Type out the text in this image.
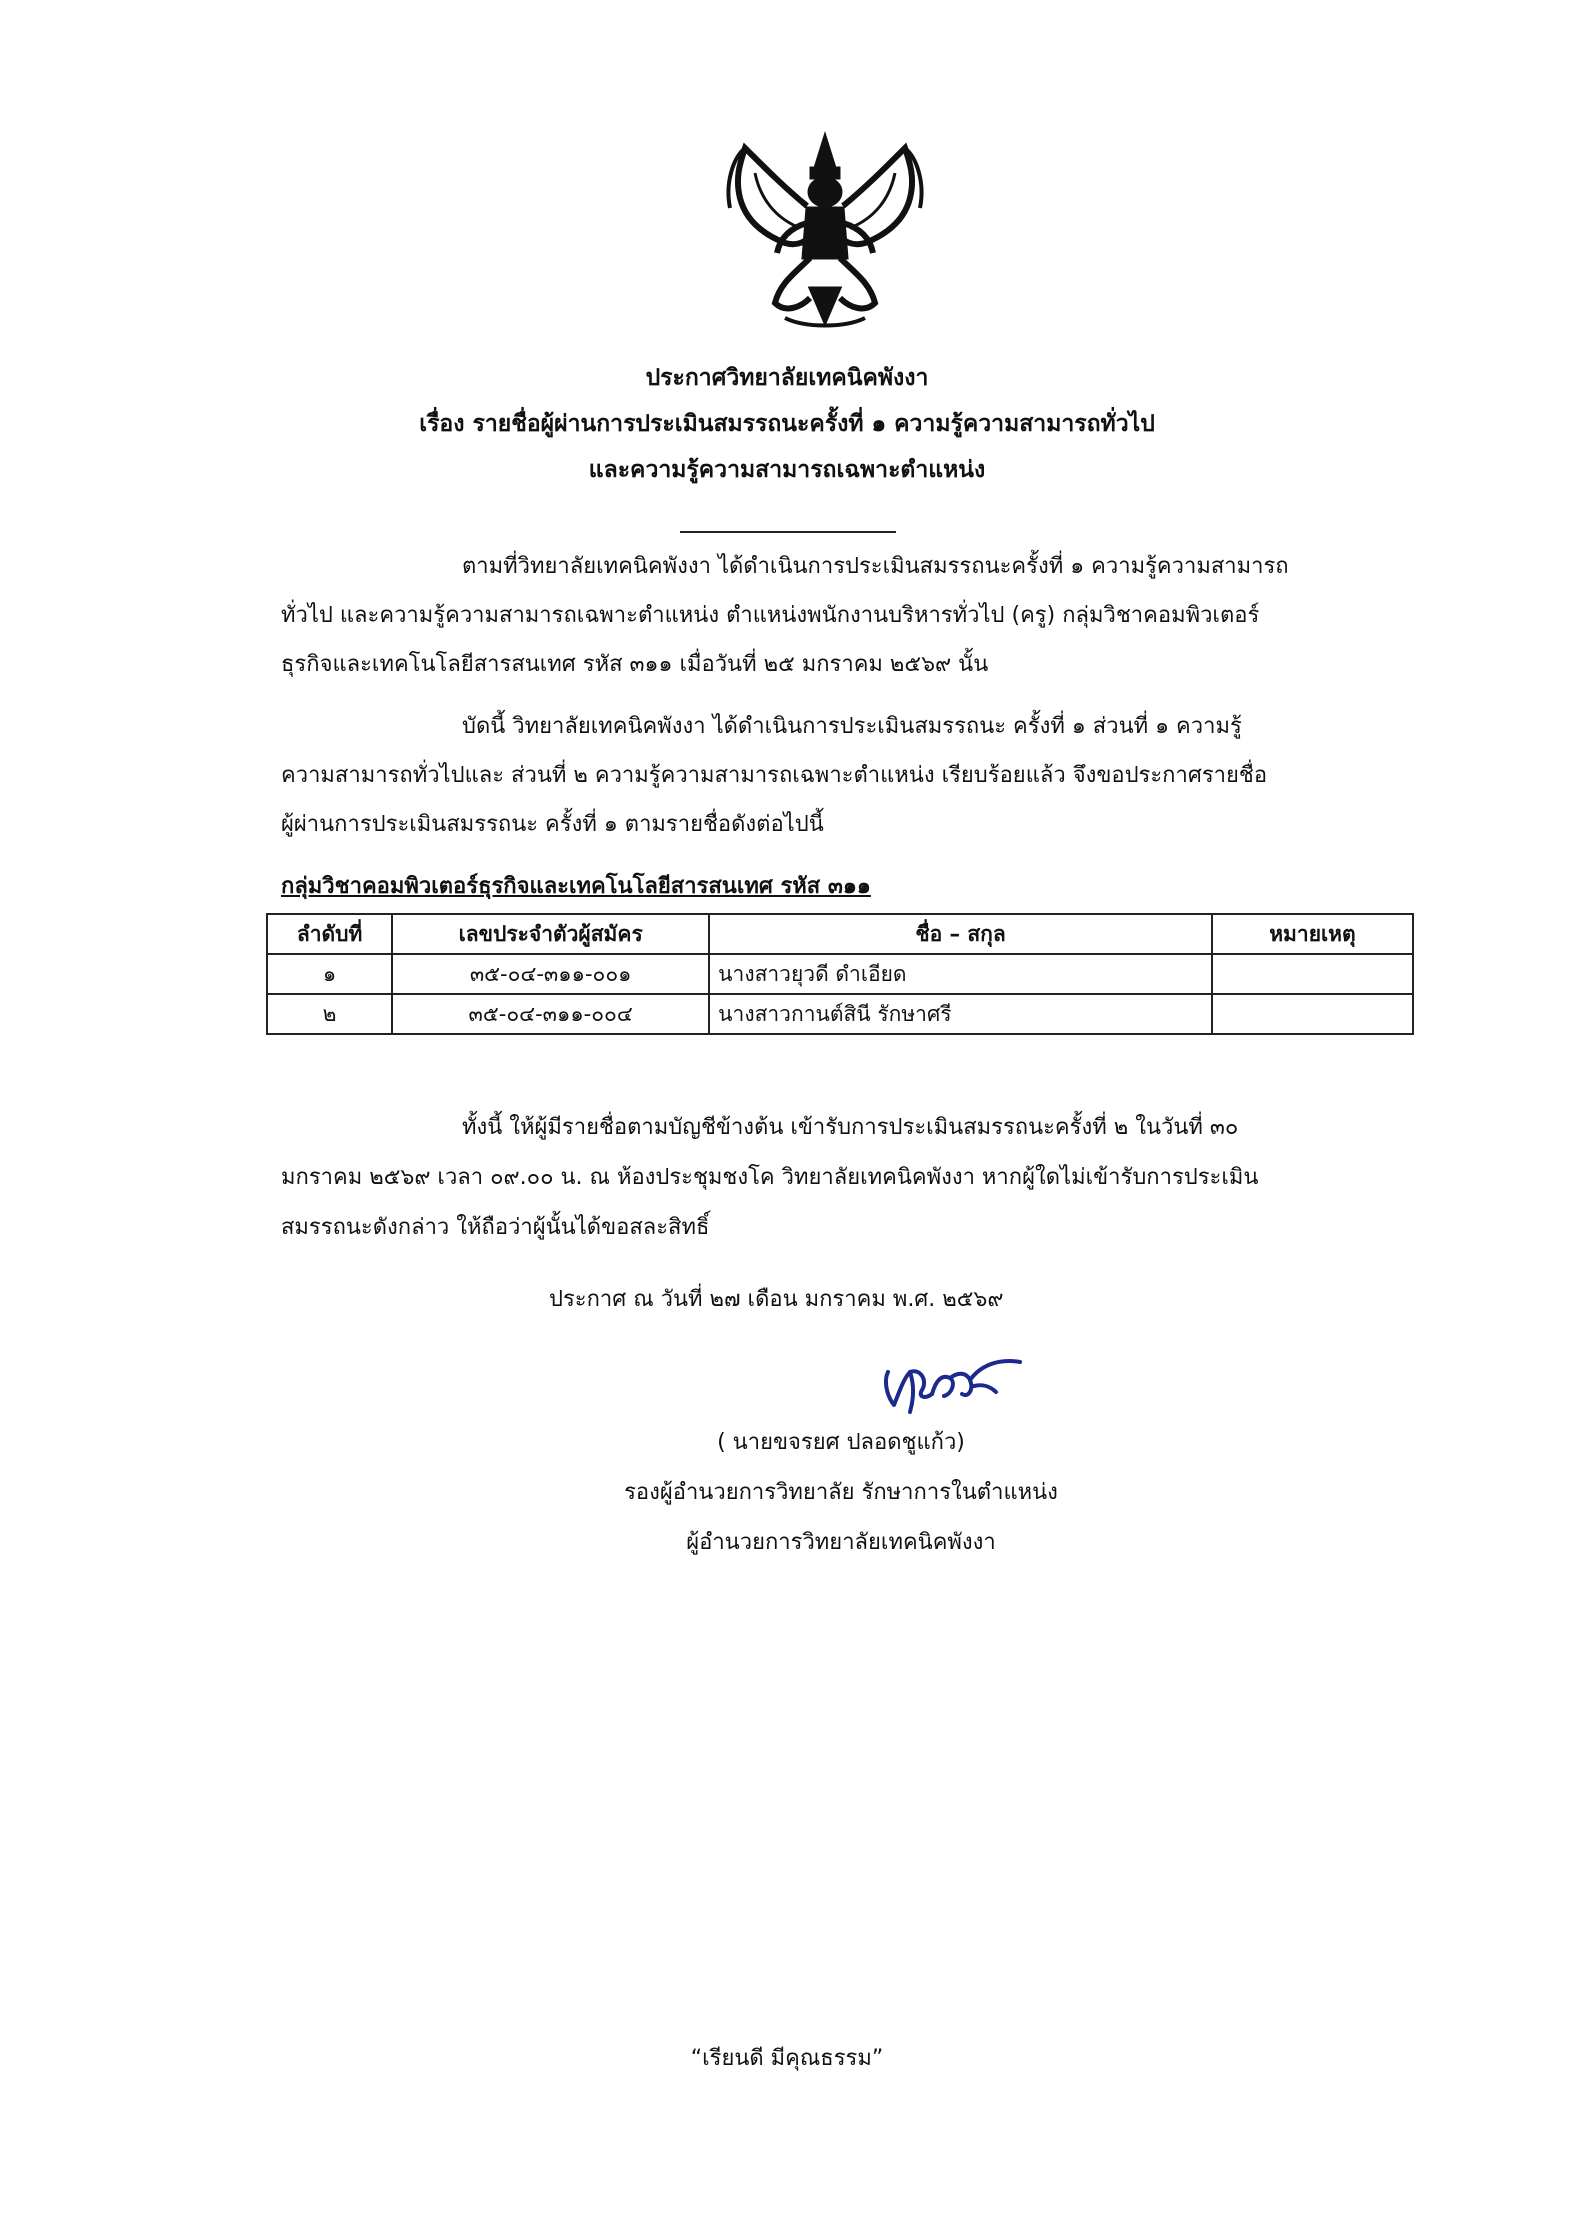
ประกาศวิทยาลัยเทคนิคพังงา
เรื่อง รายชื่อผู้ผ่านการประเมินสมรรถนะครั้งที่ ๑ ความรู้ความสามารถทั่วไป
และความรู้ความสามารถเฉพาะตำแหน่ง
ตามที่วิทยาลัยเทคนิคพังงา ได้ดำเนินการประเมินสมรรถนะครั้งที่ ๑ ความรู้ความสามารถ
ทั่วไป และความรู้ความสามารถเฉพาะตำแหน่ง ตำแหน่งพนักงานบริหารทั่วไป (ครู) กลุ่มวิชาคอมพิวเตอร์
ธุรกิจและเทคโนโลยีสารสนเทศ รหัส ๓๑๑ เมื่อวันที่ ๒๕ มกราคม ๒๕๖๙ นั้น
บัดนี้ วิทยาลัยเทคนิคพังงา ได้ดำเนินการประเมินสมรรถนะ ครั้งที่ ๑ ส่วนที่ ๑ ความรู้
ความสามารถทั่วไปและ ส่วนที่ ๒ ความรู้ความสามารถเฉพาะตำแหน่ง เรียบร้อยแล้ว จึงขอประกาศรายชื่อ
ผู้ผ่านการประเมินสมรรถนะ ครั้งที่ ๑ ตามรายชื่อดังต่อไปนี้
กลุ่มวิชาคอมพิวเตอร์ธุรกิจและเทคโนโลยีสารสนเทศ รหัส ๓๑๑
ลำดับที่	เลขประจำตัวผู้สมัคร	ชื่อ – สกุล	หมายเหตุ
๑	๓๕-๐๔-๓๑๑-๐๐๑	นางสาวยุวดี ดำเอียด	
๒	๓๕-๐๔-๓๑๑-๐๐๔	นางสาวกานต์สินี รักษาศรี	
ทั้งนี้ ให้ผู้มีรายชื่อตามบัญชีข้างต้น เข้ารับการประเมินสมรรถนะครั้งที่ ๒ ในวันที่ ๓๐
มกราคม ๒๕๖๙ เวลา ๐๙.๐๐ น. ณ ห้องประชุมชงโค วิทยาลัยเทคนิคพังงา หากผู้ใดไม่เข้ารับการประเมิน
สมรรถนะดังกล่าว ให้ถือว่าผู้นั้นได้ขอสละสิทธิ์
ประกาศ ณ วันที่ ๒๗ เดือน มกราคม พ.ศ. ๒๕๖๙
( นายขจรยศ ปลอดชูแก้ว)
รองผู้อำนวยการวิทยาลัย รักษาการในตำแหน่ง
ผู้อำนวยการวิทยาลัยเทคนิคพังงา
“เรียนดี มีคุณธรรม”
